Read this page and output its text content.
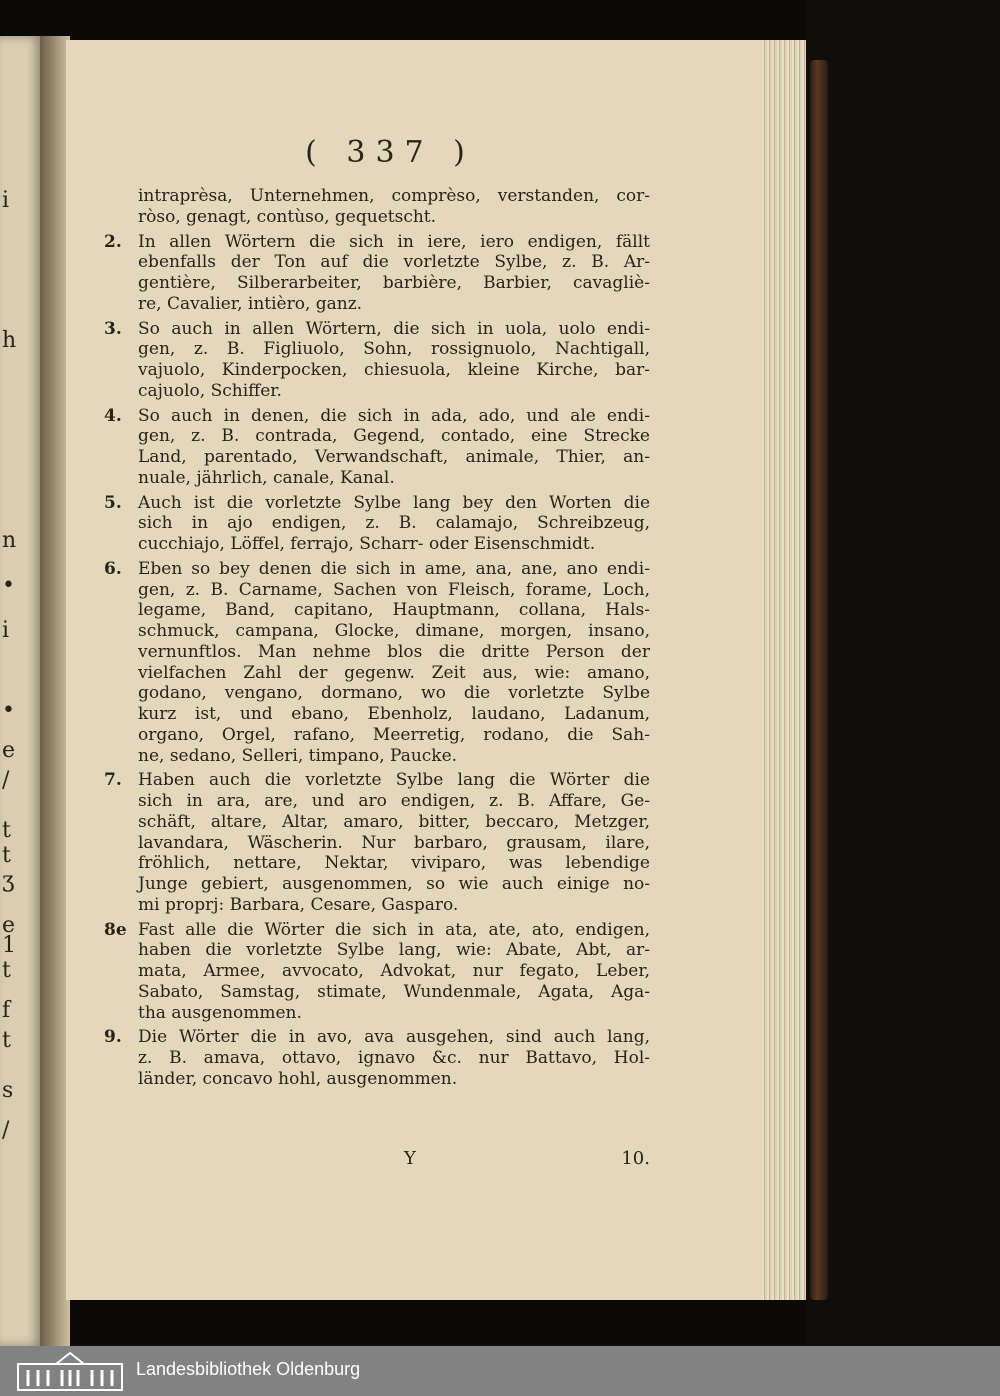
i
h
n
•
i
•
e
/
t
t
ʒ
e
1
t
f
t
s
/
( 337 )
intraprèsa, Unternehmen, comprèso, verstanden, cor-
ròso, genagt, contùso, gequetscht.
2. In allen Wörtern die sich in iere, iero endigen, fällt
ebenfalls der Ton auf die vorletzte Sylbe, z. B. Ar-
gentière, Silberarbeiter, barbière, Barbier, cavagliè-
re, Cavalier, intièro, ganz.
3. So auch in allen Wörtern, die sich in uola, uolo endi-
gen, z. B. Figliuolo, Sohn, rossignuolo, Nachtigall,
vajuolo, Kinderpocken, chiesuola, kleine Kirche, bar-
cajuolo, Schiffer.
4. So auch in denen, die sich in ada, ado, und ale endi-
gen, z. B. contrada, Gegend, contado, eine Strecke
Land, parentado, Verwandschaft, animale, Thier, an-
nuale, jährlich, canale, Kanal.
5. Auch ist die vorletzte Sylbe lang bey den Worten die
sich in ajo endigen, z. B. calamajo, Schreibzeug,
cucchiajo, Löffel, ferrajo, Scharr- oder Eisenschmidt.
6. Eben so bey denen die sich in ame, ana, ane, ano endi-
gen, z. B. Carname, Sachen von Fleisch, forame, Loch,
legame, Band, capitano, Hauptmann, collana, Hals-
schmuck, campana, Glocke, dimane, morgen, insano,
vernunftlos. Man nehme blos die dritte Person der
vielfachen Zahl der gegenw. Zeit aus, wie: amano,
godano, vengano, dormano, wo die vorletzte Sylbe
kurz ist, und ebano, Ebenholz, laudano, Ladanum,
organo, Orgel, rafano, Meerretig, rodano, die Sah-
ne, sedano, Selleri, timpano, Paucke.
7. Haben auch die vorletzte Sylbe lang die Wörter die
sich in ara, are, und aro endigen, z. B. Affare, Ge-
schäft, altare, Altar, amaro, bitter, beccaro, Metzger,
lavandara, Wäscherin. Nur barbaro, grausam, ilare,
fröhlich, nettare, Nektar, viviparo, was lebendige
Junge gebiert, ausgenommen, so wie auch einige no-
mi proprj: Barbara, Cesare, Gasparo.
8e Fast alle die Wörter die sich in ata, ate, ato, endigen,
haben die vorletzte Sylbe lang, wie: Abate, Abt, ar-
mata, Armee, avvocato, Advokat, nur fegato, Leber,
Sabato, Samstag, stimate, Wundenmale, Agata, Aga-
tha ausgenommen.
9. Die Wörter die in avo, ava ausgehen, sind auch lang,
z. B. amava, ottavo, ignavo &c. nur Battavo, Hol-
länder, concavo hohl, ausgenommen.
Y	10.
Landesbibliothek Oldenburg
